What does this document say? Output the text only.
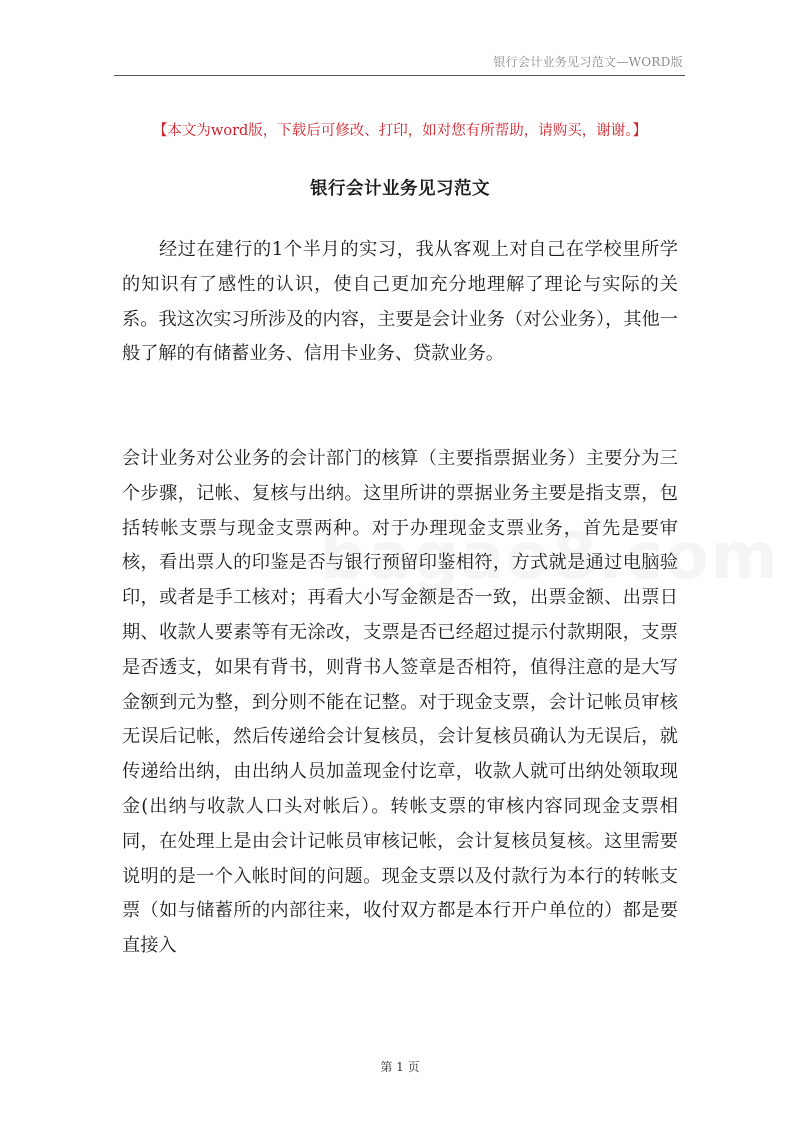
银行会计业务见习范文—WORD版
【本文为word版，下载后可修改、打印，如对您有所帮助，请购买，谢谢。】
银行会计业务见习范文

经过在建行的1个半月的实习，我从客观上对自己在学校里所学的知识有了感性的认识，使自己更加充分地理解了理论与实际的关系。我这次实习所涉及的内容，主要是会计业务（对公业务），其他一般了解的有储蓄业务、信用卡业务、贷款业务。

会计业务对公业务的会计部门的核算（主要指票据业务）主要分为三个步骤，记帐、复核与出纳。这里所讲的票据业务主要是指支票，包括转帐支票与现金支票两种。对于办理现金支票业务，首先是要审核，看出票人的印鉴是否与银行预留印鉴相符，方式就是通过电脑验印，或者是手工核对；再看大小写金额是否一致，出票金额、出票日期、收款人要素等有无涂改，支票是否已经超过提示付款期限，支票是否透支，如果有背书，则背书人签章是否相符，值得注意的是大写金额到元为整，到分则不能在记整。对于现金支票，会计记帐员审核无误后记帐，然后传递给会计复核员，会计复核员确认为无误后，就传递给出纳，由出纳人员加盖现金付讫章，收款人就可出纳处领取现金(出纳与收款人口头对帐后）。转帐支票的审核内容同现金支票相同，在处理上是由会计记帐员审核记帐，会计复核员复核。这里需要说明的是一个入帐时间的问题。现金支票以及付款行为本行的转帐支票（如与储蓄所的内部往来，收付双方都是本行开户单位的）都是要直接入

第 1 页
